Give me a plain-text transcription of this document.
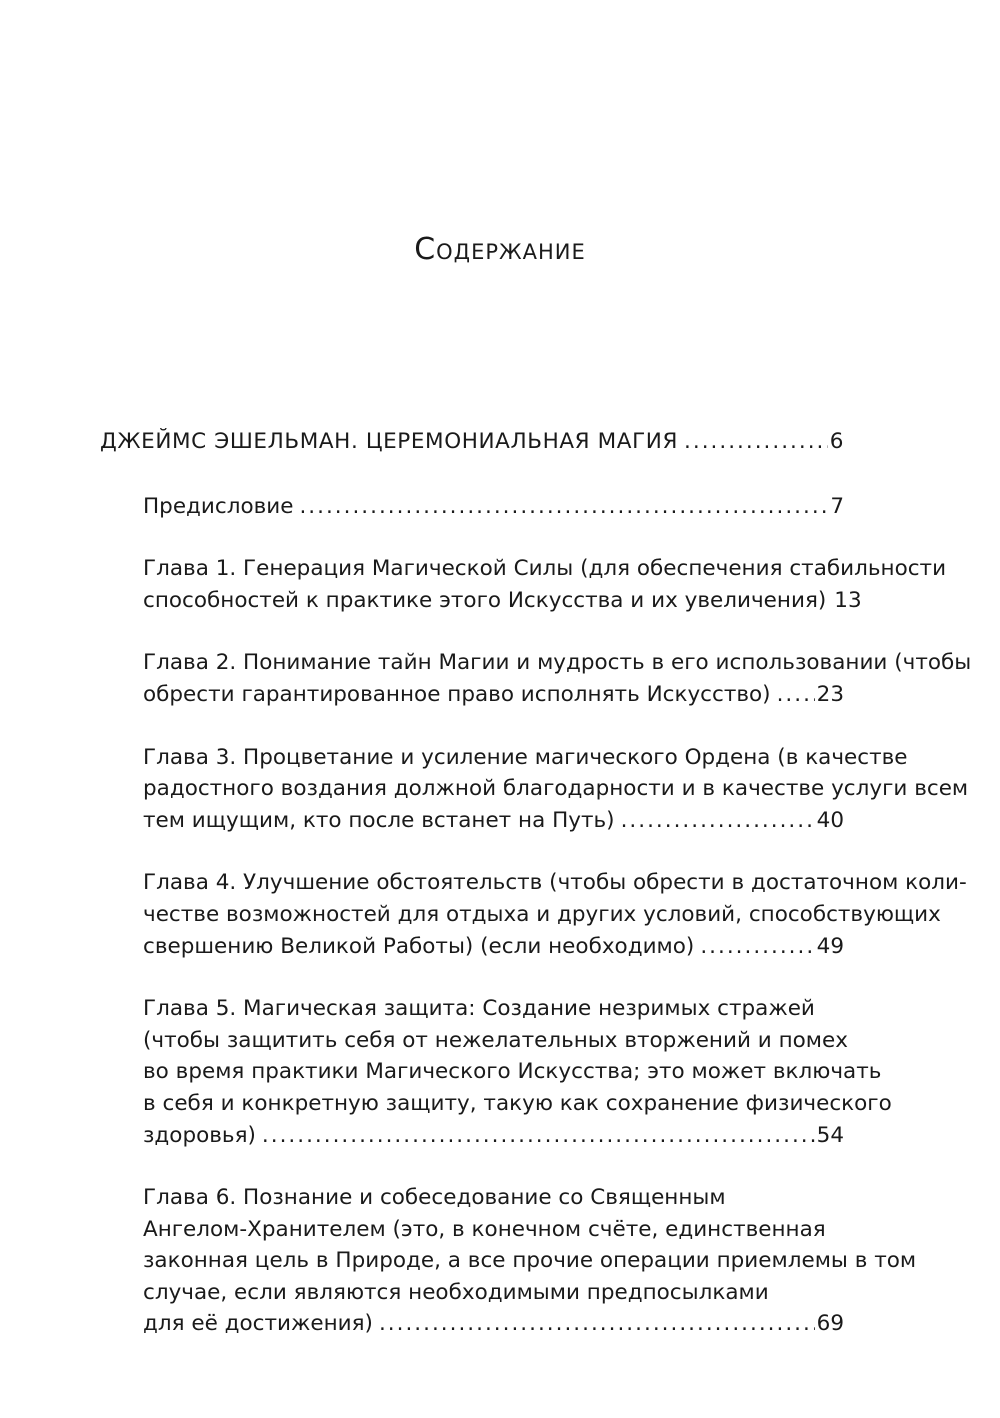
Содержание
ДЖЕЙМС ЭШЕЛЬМАН. ЦЕРЕМОНИАЛЬНАЯ МАГИЯ .....	6
Предисловие .....	7
Глава 1. Генерация Магической Силы (для обеспечения стабильности
способностей к практике этого Искусства и их увеличения) 13
Глава 2. Понимание тайн Магии и мудрость в его использовании (чтобы
обрести гарантированное право исполнять Искусство) ..... 23
Глава 3. Процветание и усиление магического Ордена (в качестве
радостного воздания должной благодарности и в качестве услуги всем
тем ищущим, кто после встанет на Путь) .....	40
Глава 4. Улучшение обстоятельств (чтобы обрести в достаточном коли-
честве возможностей для отдыха и других условий, способствующих
свершению Великой Работы) (если необходимо) .....	49
Глава 5. Магическая защита: Создание незримых стражей
(чтобы защитить себя от нежелательных вторжений и помех
во время практики Магического Искусства; это может включать
в себя и конкретную защиту, такую как сохранение физического
здоровья) .....	54
Глава 6. Познание и собеседование со Священным
Ангелом-Хранителем (это, в конечном счёте, единственная
законная цель в Природе, а все прочие операции приемлемы в том
случае, если являются необходимыми предпосылками
для её достижения) .....	69
